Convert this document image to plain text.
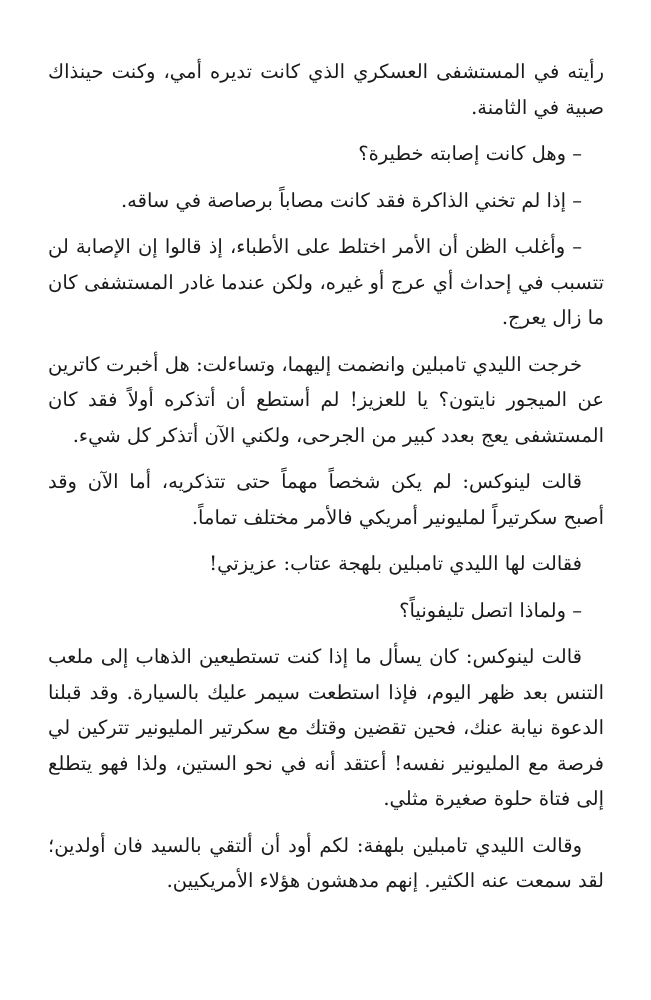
رأيته في المستشفى العسكري الذي كانت تديره أمي، وكنت حينذاك صبية في الثامنة.

– وهل كانت إصابته خطيرة؟

– إذا لم تخني الذاكرة فقد كانت مصاباً برصاصة في ساقه.

– وأغلب الظن أن الأمر اختلط على الأطباء، إذ قالوا إن الإصابة لن تتسبب في إحداث أي عرج أو غيره، ولكن عندما غادر المستشفى كان ما زال يعرج.

خرجت الليدي تامبلين وانضمت إليهما، وتساءلت: هل أخبرت كاترين عن الميجور نايتون؟ يا للعزيز! لم أستطع أن أتذكره أولاً فقد كان المستشفى يعج بعدد كبير من الجرحى، ولكني الآن أتذكر كل شيء.

قالت لينوكس: لم يكن شخصاً مهماً حتى تتذكريه، أما الآن وقد أصبح سكرتيراً لمليونير أمريكي فالأمر مختلف تماماً.

فقالت لها الليدي تامبلين بلهجة عتاب: عزيزتي!

– ولماذا اتصل تليفونياً؟

قالت لينوكس: كان يسأل ما إذا كنت تستطيعين الذهاب إلى ملعب التنس بعد ظهر اليوم، فإذا استطعت سيمر عليك بالسيارة. وقد قبلنا الدعوة نيابة عنك، فحين تقضين وقتك مع سكرتير المليونير تتركين لي فرصة مع المليونير نفسه! أعتقد أنه في نحو الستين، ولذا فهو يتطلع إلى فتاة حلوة صغيرة مثلي.

وقالت الليدي تامبلين بلهفة: لكم أود أن ألتقي بالسيد فان أولدين؛ لقد سمعت عنه الكثير. إنهم مدهشون هؤلاء الأمريكيين.
